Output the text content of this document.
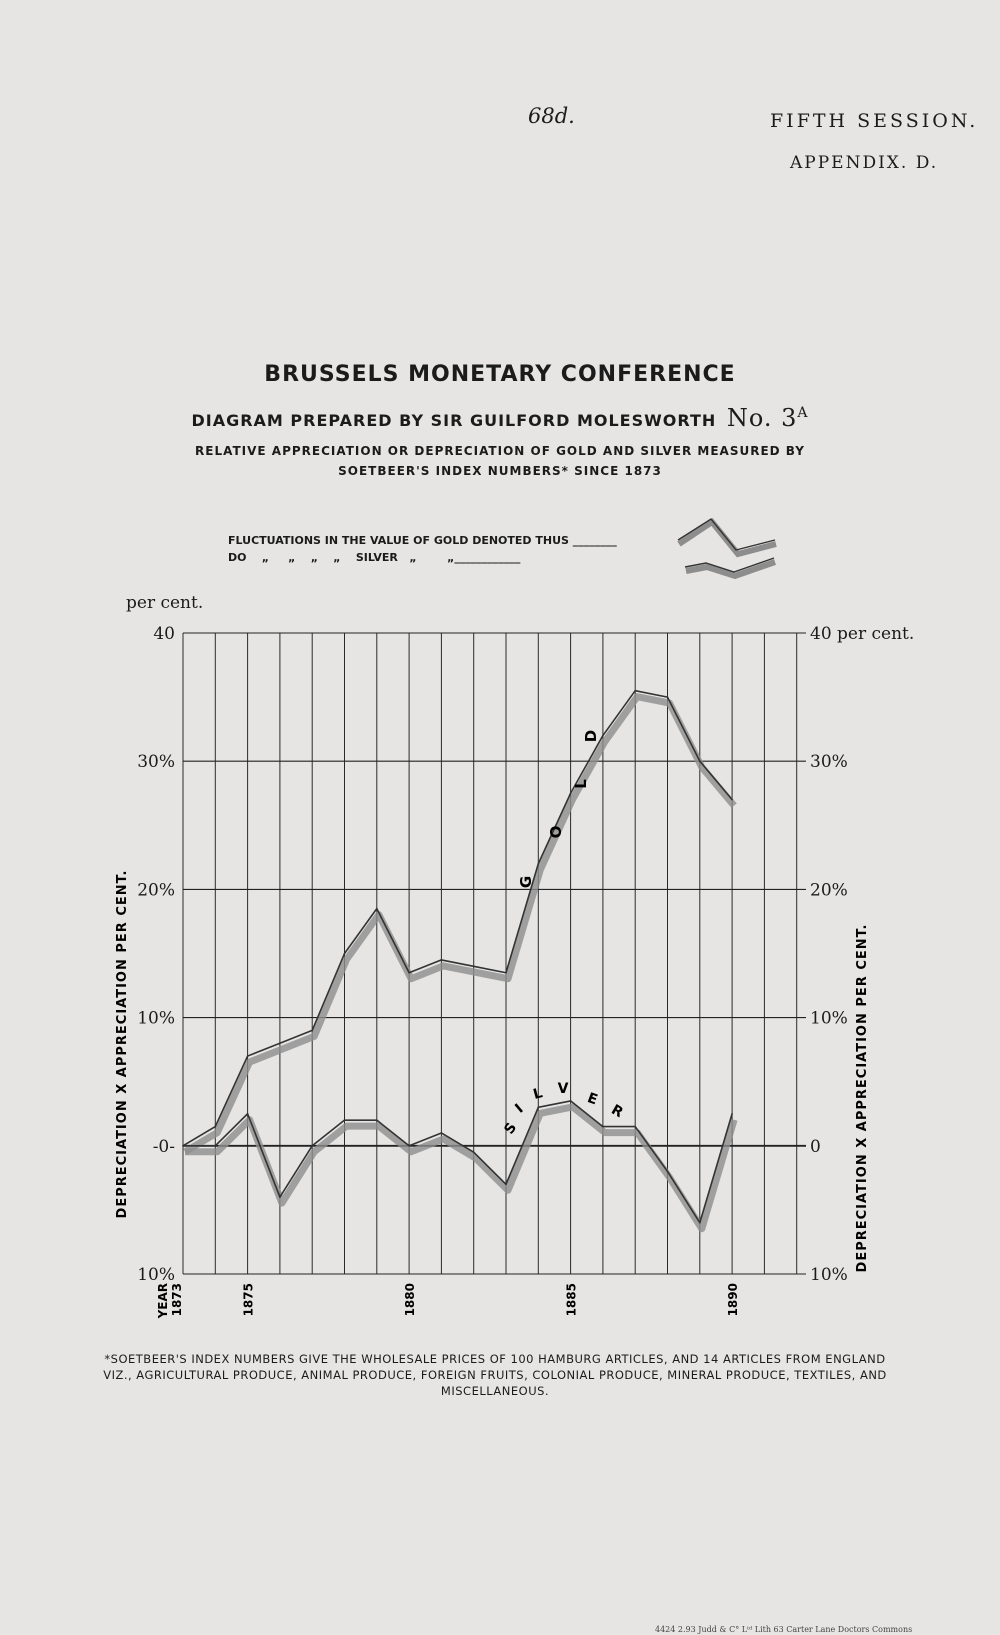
68d.	FIFTH SESSION.
APPENDIX. D.
BRUSSELS MONETARY CONFERENCE
DIAGRAM PREPARED BY SIR GUILFORD MOLESWORTH No. $3^A$
RELATIVE APPRECIATION OR DEPRECIATION OF GOLD AND SILVER MEASURED BY
SOETBEER'S INDEX NUMBERS* SINCE 1873
FLUCTUATIONS IN THE VALUE OF GOLD DENOTED THUS ________
DO    „     „    „    „    SILVER   „        „____________
G
O
L
D
S
I
L V
E
R
40
30%
20%
10%
-0-
10%
40 per cent.
30%
20%
10%
0
10%
per cent.
YEAR 1873	1875	1880	1885	1890
DEPRECIATION X APPRECIATION PER CENT.	DEPRECIATION X APPRECIATION PER CENT.
*SOETBEER'S INDEX NUMBERS GIVE THE WHOLESALE PRICES OF 100 HAMBURG ARTICLES, AND 14 ARTICLES FROM ENGLAND VIZ., AGRICULTURAL PRODUCE, ANIMAL PRODUCE, FOREIGN FRUITS, COLONIAL PRODUCE, MINERAL PRODUCE, TEXTILES, AND MISCELLANEOUS.
4424 2.93 Judd & C° Lᵗᵈ Lith 63 Carter Lane Doctors Commons
